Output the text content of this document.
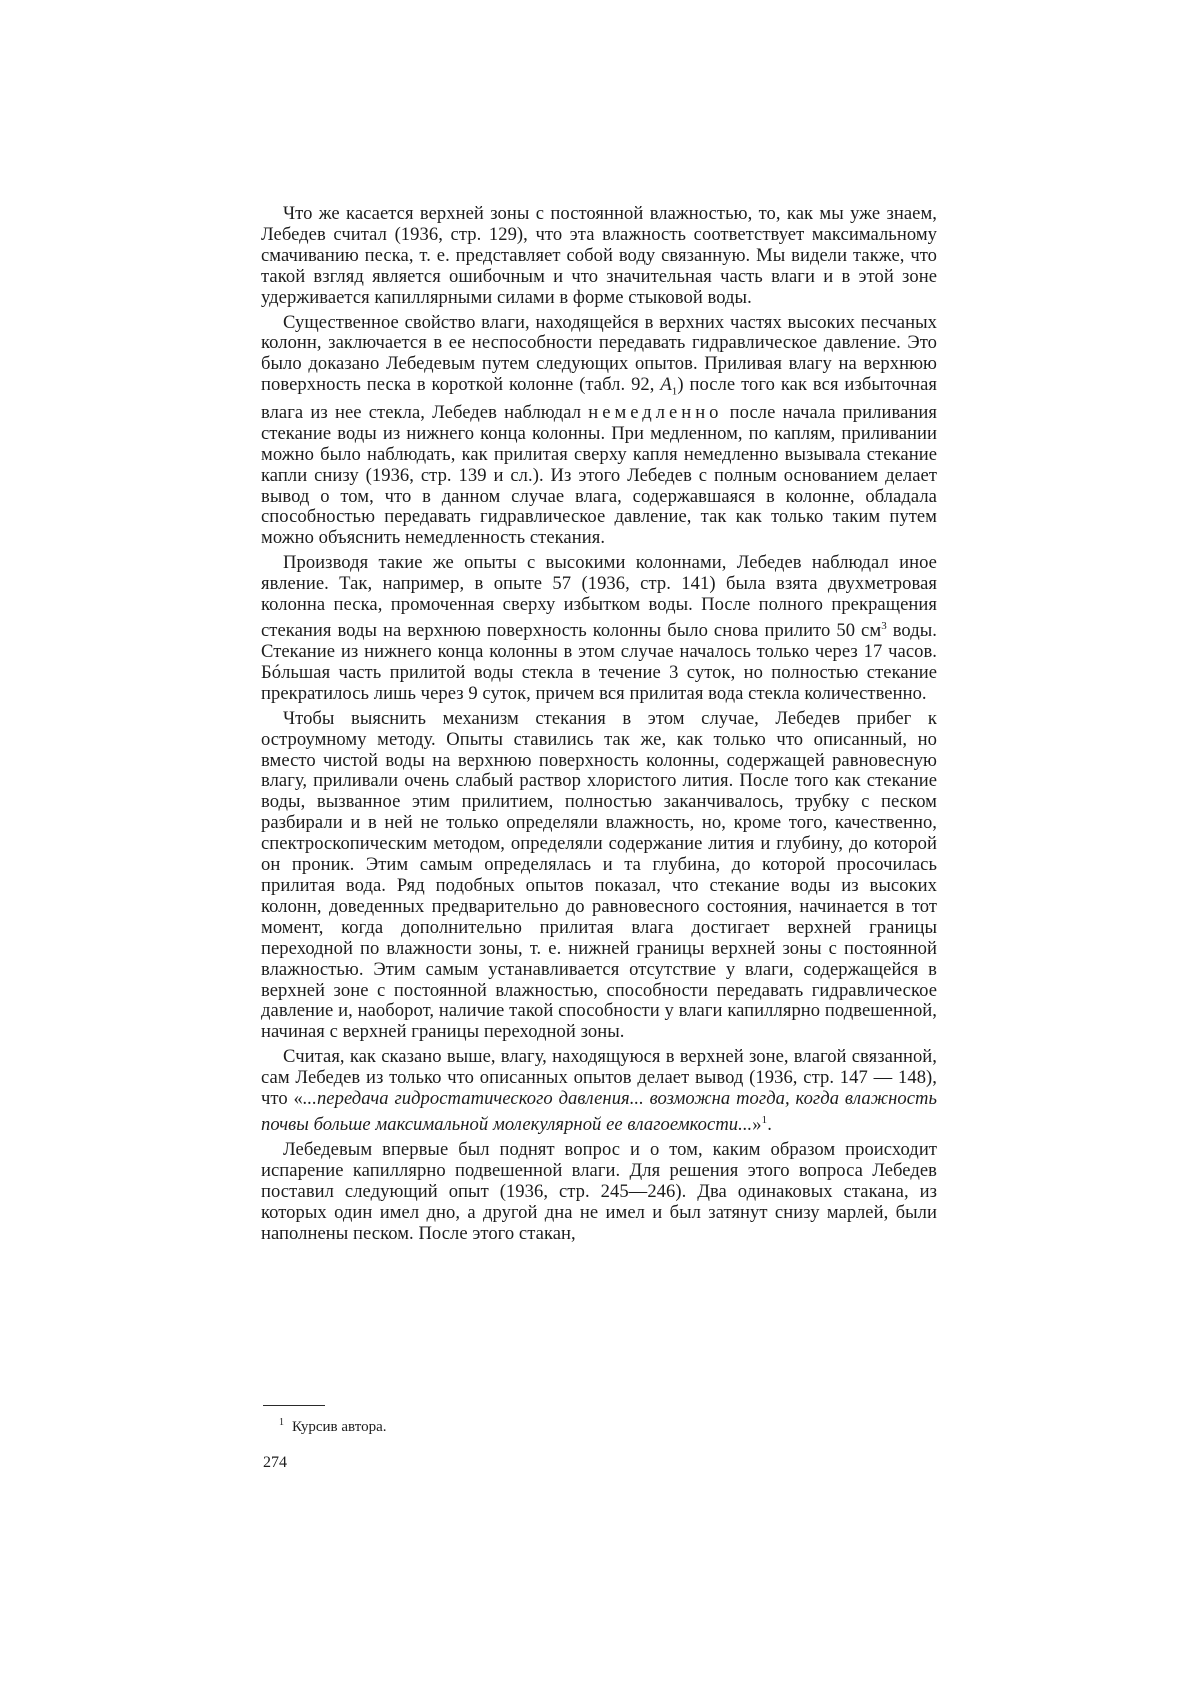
Что же касается верхней зоны с постоянной влажностью, то, как мы уже знаем, Лебедев считал (1936, стр. 129), что эта влажность соответствует максимальному смачиванию песка, т. е. представляет собой воду связанную. Мы видели также, что такой взгляд является ошибочным и что значительная часть влаги и в этой зоне удерживается капиллярными силами в форме стыковой воды.

Существенное свойство влаги, находящейся в верхних частях высоких песчаных колонн, заключается в ее неспособности передавать гидравлическое давление. Это было доказано Лебедевым путем следующих опытов. Приливая влагу на верхнюю поверхность песка в короткой колонне (табл. 92, $A_1$) после того как вся избыточная влага из нее стекла, Лебедев наблюдал немедленно после начала приливания стекание воды из нижнего конца колонны. При медленном, по каплям, приливании можно было наблюдать, как прилитая сверху капля немедленно вызывала стекание капли снизу (1936, стр. 139 и сл.). Из этого Лебедев с полным основанием делает вывод о том, что в данном случае влага, содержавшаяся в колонне, обладала способностью передавать гидравлическое давление, так как только таким путем можно объяснить немедленность стекания.

Производя такие же опыты с высокими колоннами, Лебедев наблюдал иное явление. Так, например, в опыте 57 (1936, стр. 141) была взята двухметровая колонна песка, промоченная сверху избытком воды. После полного прекращения стекания воды на верхнюю поверхность колонны было снова прилито 50 $см^3$ воды. Стекание из нижнего конца колонны в этом случае началось только через 17 часов. Бóльшая часть прилитой воды стекла в течение 3 суток, но полностью стекание прекратилось лишь через 9 суток, причем вся прилитая вода стекла количественно.

Чтобы выяснить механизм стекания в этом случае, Лебедев прибег к остроумному методу. Опыты ставились так же, как только что описанный, но вместо чистой воды на верхнюю поверхность колонны, содержащей равновесную влагу, приливали очень слабый раствор хлористого лития. После того как стекание воды, вызванное этим прилитием, полностью заканчивалось, трубку с песком разбирали и в ней не только определяли влажность, но, кроме того, качественно, спектроскопическим методом, определяли содержание лития и глубину, до которой он проник. Этим самым определялась и та глубина, до которой просочилась прилитая вода. Ряд подобных опытов показал, что стекание воды из высоких колонн, доведенных предварительно до равновесного состояния, начинается в тот момент, когда дополнительно прилитая влага достигает верхней границы переходной по влажности зоны, т. е. нижней границы верхней зоны с постоянной влажностью. Этим самым устанавливается отсутствие у влаги, содержащейся в верхней зоне с постоянной влажностью, способности передавать гидравлическое давление и, наоборот, наличие такой способности у влаги капиллярно подвешенной, начиная с верхней границы переходной зоны.

Считая, как сказано выше, влагу, находящуюся в верхней зоне, влагой связанной, сам Лебедев из только что описанных опытов делает вывод (1936, стр. 147 — 148), что «...передача гидростатического давления... возможна тогда, когда влажность почвы больше максимальной молекулярной ее влагоемкости...»$^1$.

Лебедевым впервые был поднят вопрос и о том, каким образом происходит испарение капиллярно подвешенной влаги. Для решения этого вопроса Лебедев поставил следующий опыт (1936, стр. 245—246). Два одинаковых стакана, из которых один имел дно, а другой дна не имел и был затянут снизу марлей, были наполнены песком. После этого стакан,

$^1$ Курсив автора.
274
